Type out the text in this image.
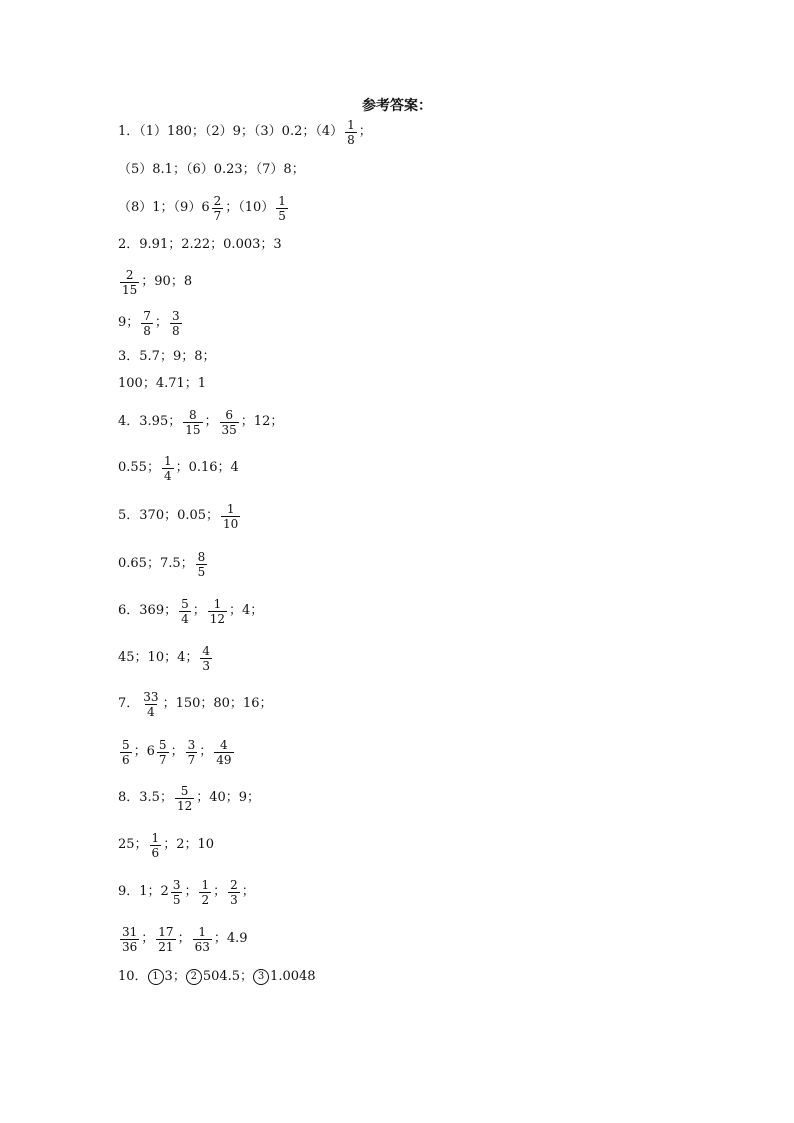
参考答案：
1．（1）180；（2）9；（3）0.2；$(4) \frac{1}{8}$ ；
（5）8.1；（6）0.23；（7）8；
（8）1；$(9)6 \frac{2}{7}$ ；$(10) \frac{1}{5}$
2．9.91；2.22；0.003；3
$\frac{2}{15}$ ；90；8
9； $\frac{7}{8}$ ； $\frac{3}{8}$
3．5.7；9；8；
100；4.71；1
4．3.95； $\frac{8}{15}$ ； $\frac{6}{35}$ ；12；
0.55； $\frac{1}{4}$ ；0.16；4
5．370；0.05； $\frac{1}{10}$
0.65；7.5； $\frac{8}{5}$
6．369； $\frac{5}{4}$ ； $\frac{1}{12}$ ；4；
45；10；4； $\frac{4}{3}$
7． $\frac{33}{4}$ ；150；80；16；
$\frac{5}{6}$ ；$6 \frac{5}{7}$ ； $\frac{3}{7}$ ； $\frac{4}{49}$
8．3.5； $\frac{5}{12}$ ；40；9；
25； $\frac{1}{6}$ ；2；10
9．1；$2 \frac{3}{5}$ ； $\frac{1}{2}$ ； $\frac{2}{3}$ ；
$\frac{31}{36}$ ； $\frac{17}{21}$ ； $\frac{1}{63}$ ；4.9
10． 1 3； 2 504.5； 3 1.0048
